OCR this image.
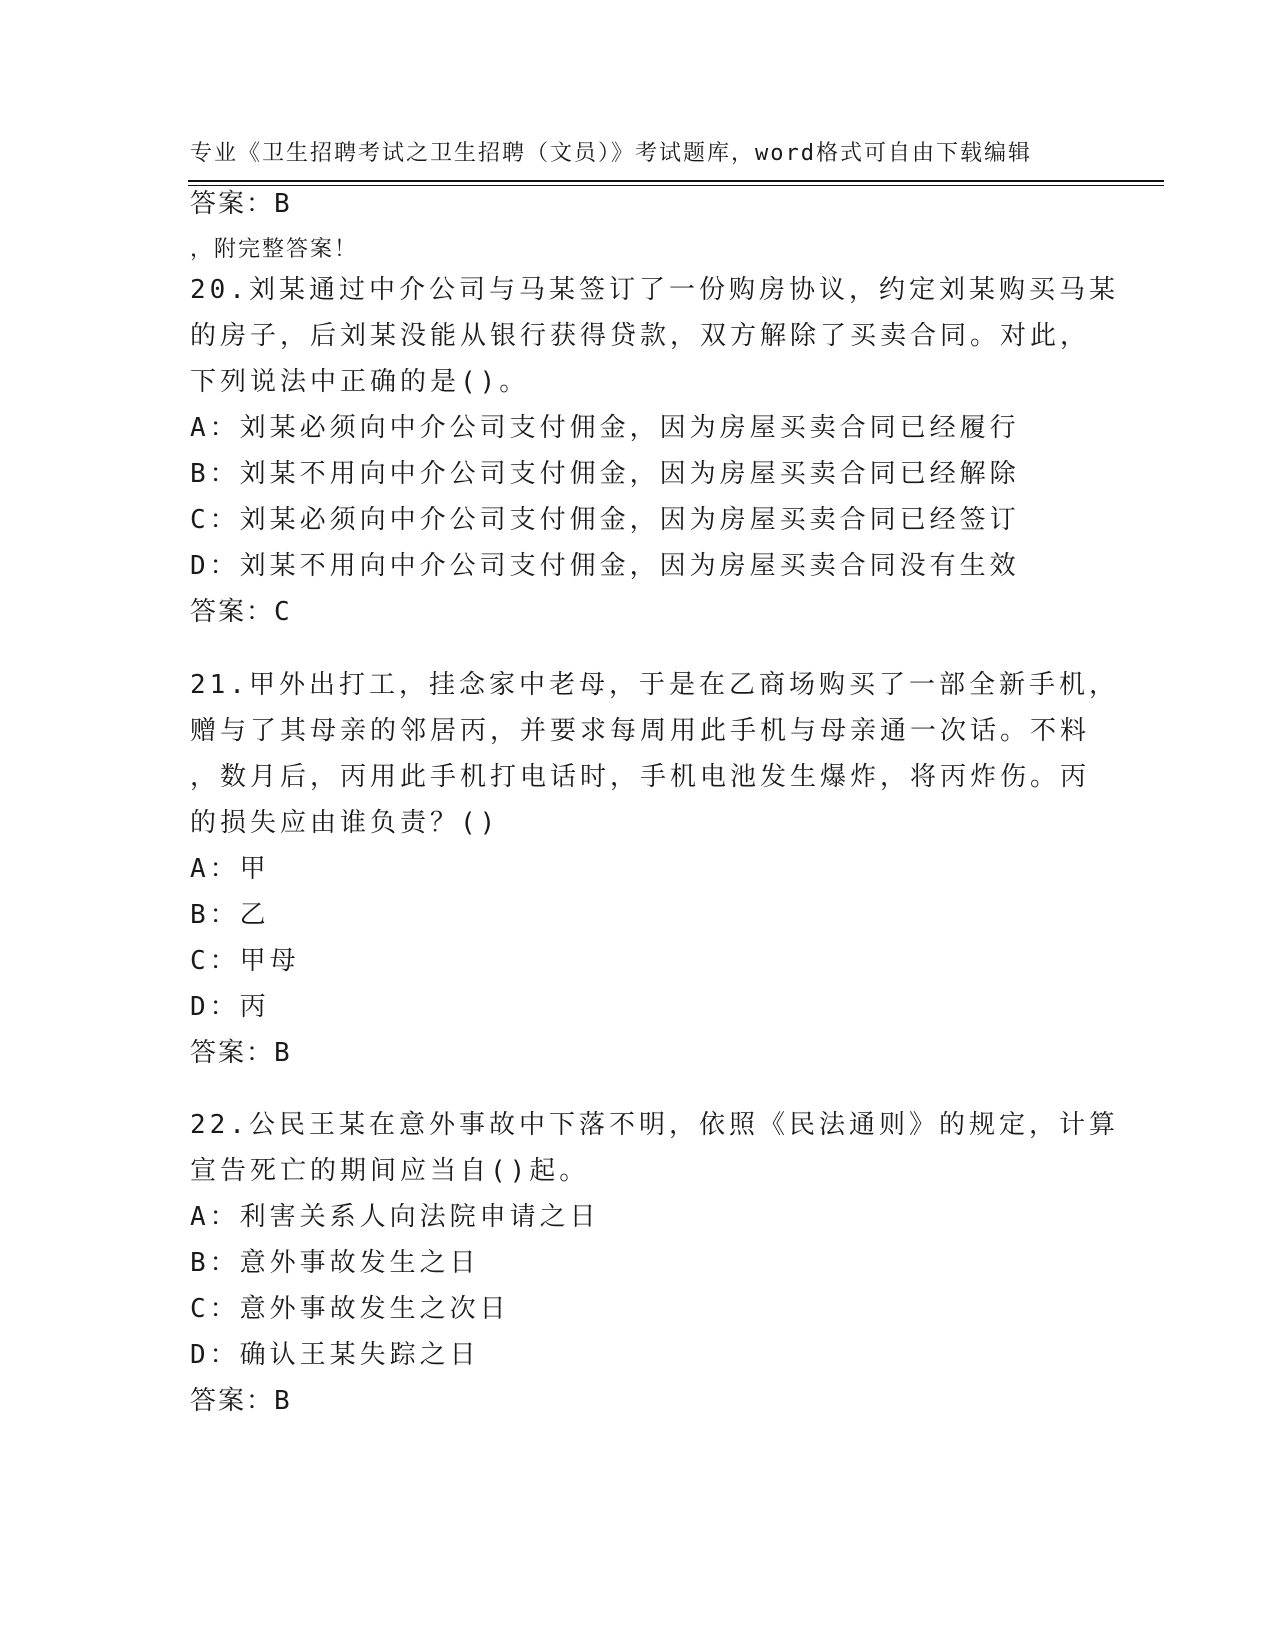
专业《卫生招聘考试之卫生招聘（文员）》考试题库，word格式可自由下载编辑

，附完整答案！

答案：B
20.刘某通过中介公司与马某签订了一份购房协议，约定刘某购买马某
的房子，后刘某没能从银行获得贷款，双方解除了买卖合同。对此，
下列说法中正确的是()。
A：刘某必须向中介公司支付佣金，因为房屋买卖合同已经履行
B：刘某不用向中介公司支付佣金，因为房屋买卖合同已经解除
C：刘某必须向中介公司支付佣金，因为房屋买卖合同已经签订
D：刘某不用向中介公司支付佣金，因为房屋买卖合同没有生效
答案：C
21.甲外出打工，挂念家中老母，于是在乙商场购买了一部全新手机，
赠与了其母亲的邻居丙，并要求每周用此手机与母亲通一次话。不料
，数月后，丙用此手机打电话时，手机电池发生爆炸，将丙炸伤。丙
的损失应由谁负责？()
A：甲
B：乙
C：甲母
D：丙
答案：B
22.公民王某在意外事故中下落不明，依照《民法通则》的规定，计算
宣告死亡的期间应当自()起。
A：利害关系人向法院申请之日
B：意外事故发生之日
C：意外事故发生之次日
D：确认王某失踪之日
答案：B
